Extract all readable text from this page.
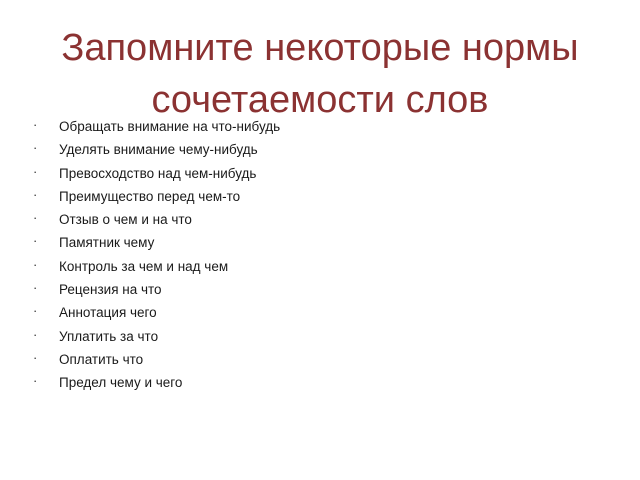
Запомните некоторые нормы
сочетаемости слов
· Обращать внимание на что-нибудь
· Уделять внимание чему-нибудь
· Превосходство над чем-нибудь
· Преимущество перед чем-то
· Отзыв о чем и на что
· Памятник чему
· Контроль за чем и над чем
· Рецензия на что
· Аннотация чего
· Уплатить за что
· Оплатить что
· Предел чему и чего
